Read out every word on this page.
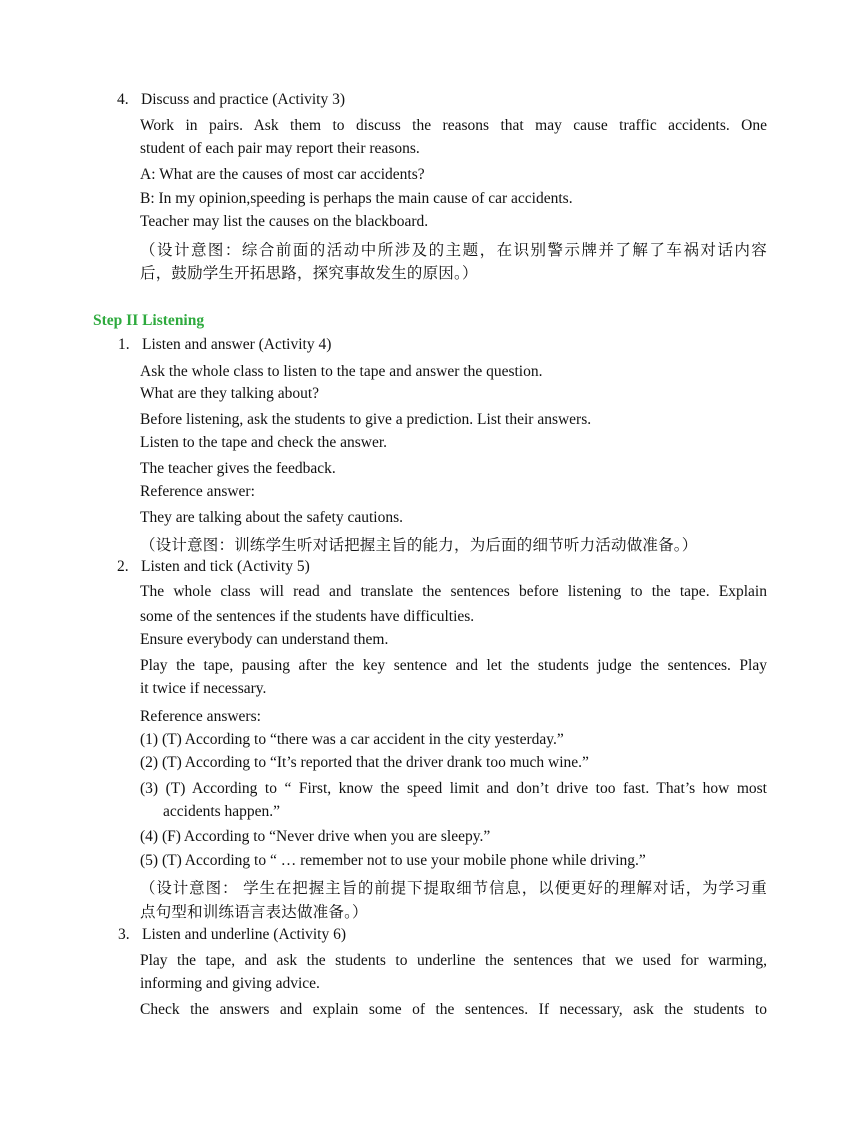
4. Discuss and practice (Activity 3)
Work in pairs. Ask them to discuss the reasons that may cause traffic accidents. One
student of each pair may report their reasons.
A: What are the causes of most car accidents?
B: In my opinion,speeding is perhaps the main cause of car accidents.
Teacher may list the causes on the blackboard.
（设计意图：综合前面的活动中所涉及的主题，在识别警示牌并了解了车祸对话内容
后，鼓励学生开拓思路，探究事故发生的原因。）
Step II Listening
1. Listen and answer (Activity 4)
Ask the whole class to listen to the tape and answer the question.
What are they talking about?
Before listening, ask the students to give a prediction. List their answers.
Listen to the tape and check the answer.
The teacher gives the feedback.
Reference answer:
They are talking about the safety cautions.
（设计意图：训练学生听对话把握主旨的能力，为后面的细节听力活动做准备。）
2. Listen and tick (Activity 5)
The whole class will read and translate the sentences before listening to the tape. Explain
some of the sentences if the students have difficulties.
Ensure everybody can understand them.
Play the tape, pausing after the key sentence and let the students judge the sentences. Play
it twice if necessary.
Reference answers:
(1) (T) According to “there was a car accident in the city yesterday.”
(2) (T) According to “It’s reported that the driver drank too much wine.”
(3) (T) According to “ First, know the speed limit and don’t drive too fast. That’s how most
accidents happen.”
(4) (F) According to “Never drive when you are sleepy.”
(5) (T) According to “ … remember not to use your mobile phone while driving.”
（设计意图： 学生在把握主旨的前提下提取细节信息，以便更好的理解对话，为学习重
点句型和训练语言表达做准备。）
3. Listen and underline (Activity 6)
Play the tape, and ask the students to underline the sentences that we used for warming,
informing and giving advice.
Check the answers and explain some of the sentences. If necessary, ask the students to
